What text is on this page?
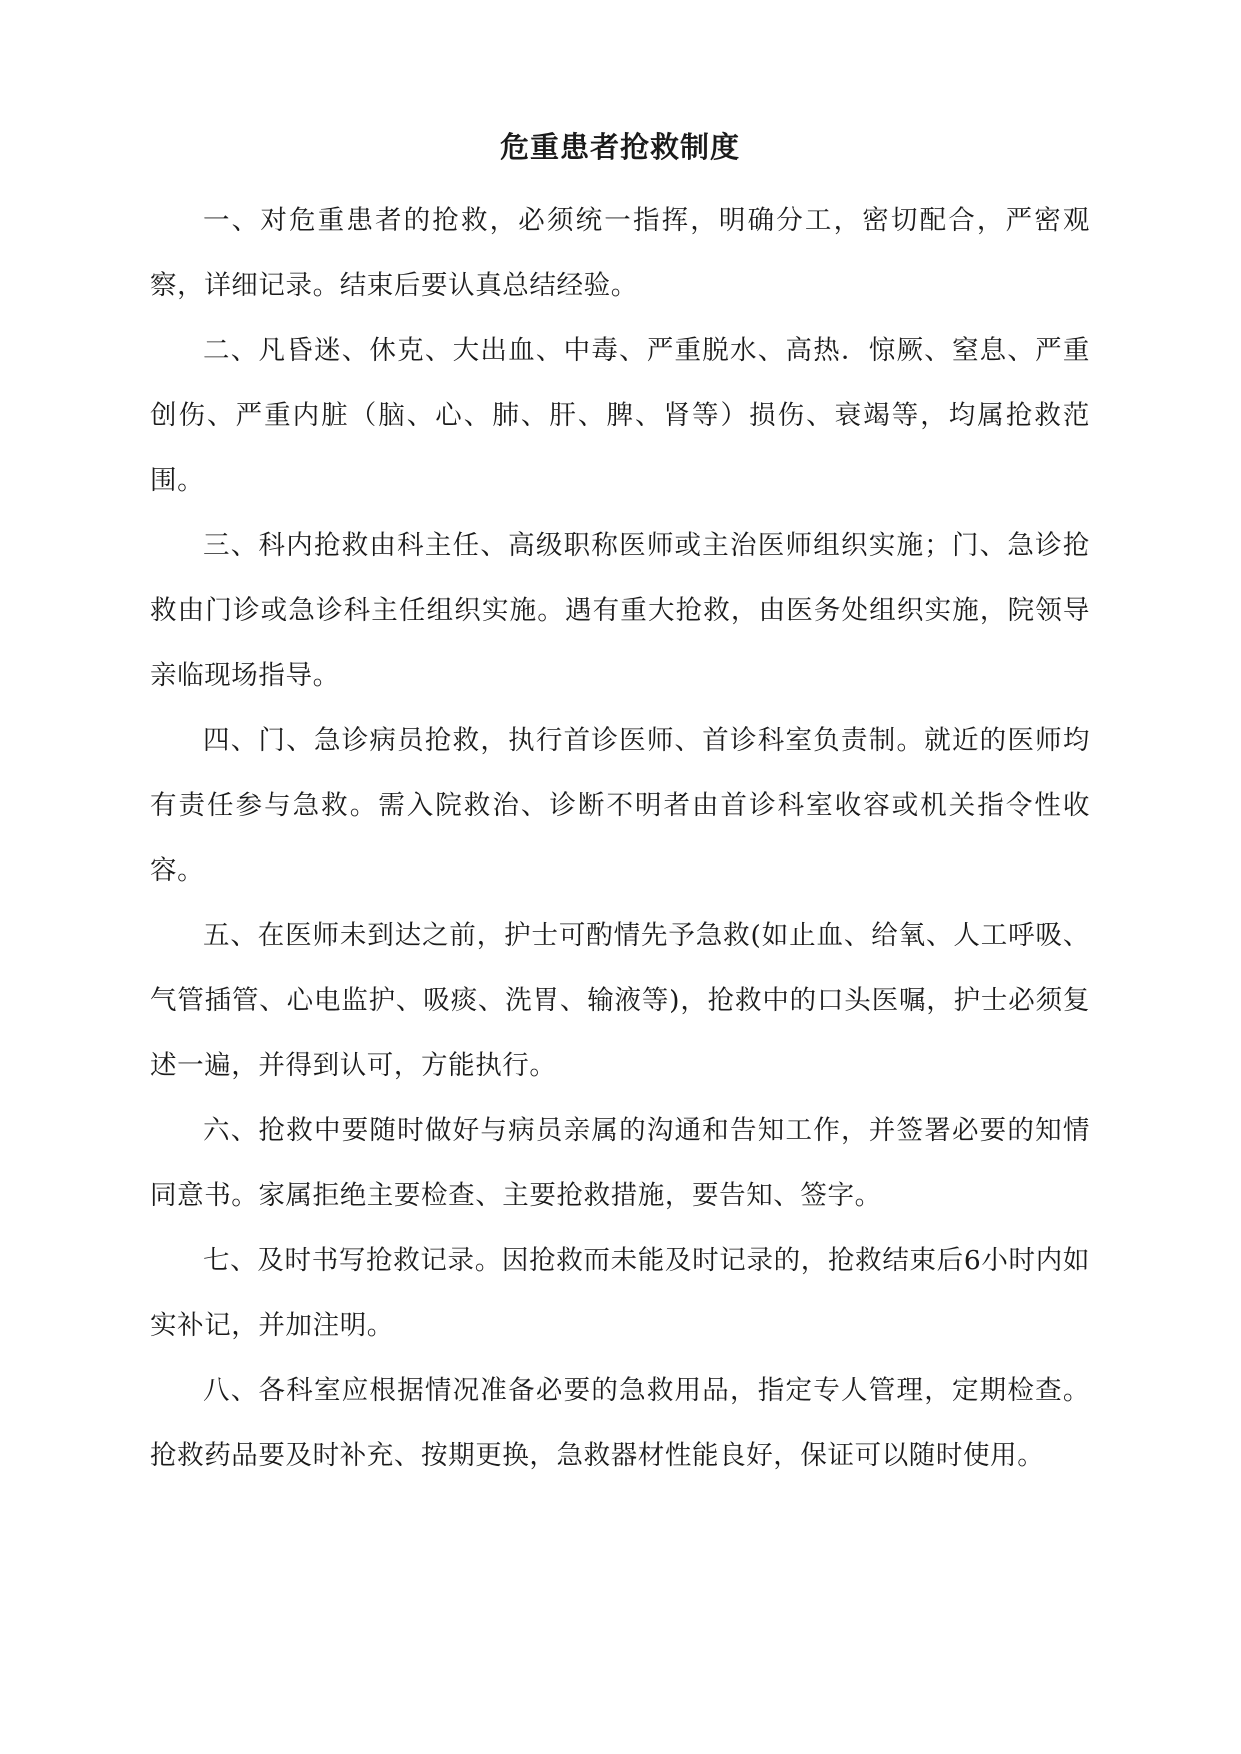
危重患者抢救制度

一、对危重患者的抢救，必须统一指挥，明确分工，密切配合，严密观察，详细记录。结束后要认真总结经验。

二、凡昏迷、休克、大出血、中毒、严重脱水、高热．惊厥、窒息、严重创伤、严重内脏（脑、心、肺、肝、脾、肾等）损伤、衰竭等，均属抢救范围。

三、科内抢救由科主任、高级职称医师或主治医师组织实施；门、急诊抢救由门诊或急诊科主任组织实施。遇有重大抢救，由医务处组织实施，院领导亲临现场指导。

四、门、急诊病员抢救，执行首诊医师、首诊科室负责制。就近的医师均有责任参与急救。需入院救治、诊断不明者由首诊科室收容或机关指令性收容。

五、在医师未到达之前，护士可酌情先予急救(如止血、给氧、人工呼吸、气管插管、心电监护、吸痰、洗胃、输液等)，抢救中的口头医嘱，护士必须复述一遍，并得到认可，方能执行。

六、抢救中要随时做好与病员亲属的沟通和告知工作，并签署必要的知情同意书。家属拒绝主要检查、主要抢救措施，要告知、签字。

七、及时书写抢救记录。因抢救而未能及时记录的，抢救结束后6小时内如实补记，并加注明。

八、各科室应根据情况准备必要的急救用品，指定专人管理，定期检查。抢救药品要及时补充、按期更换，急救器材性能良好，保证可以随时使用。
